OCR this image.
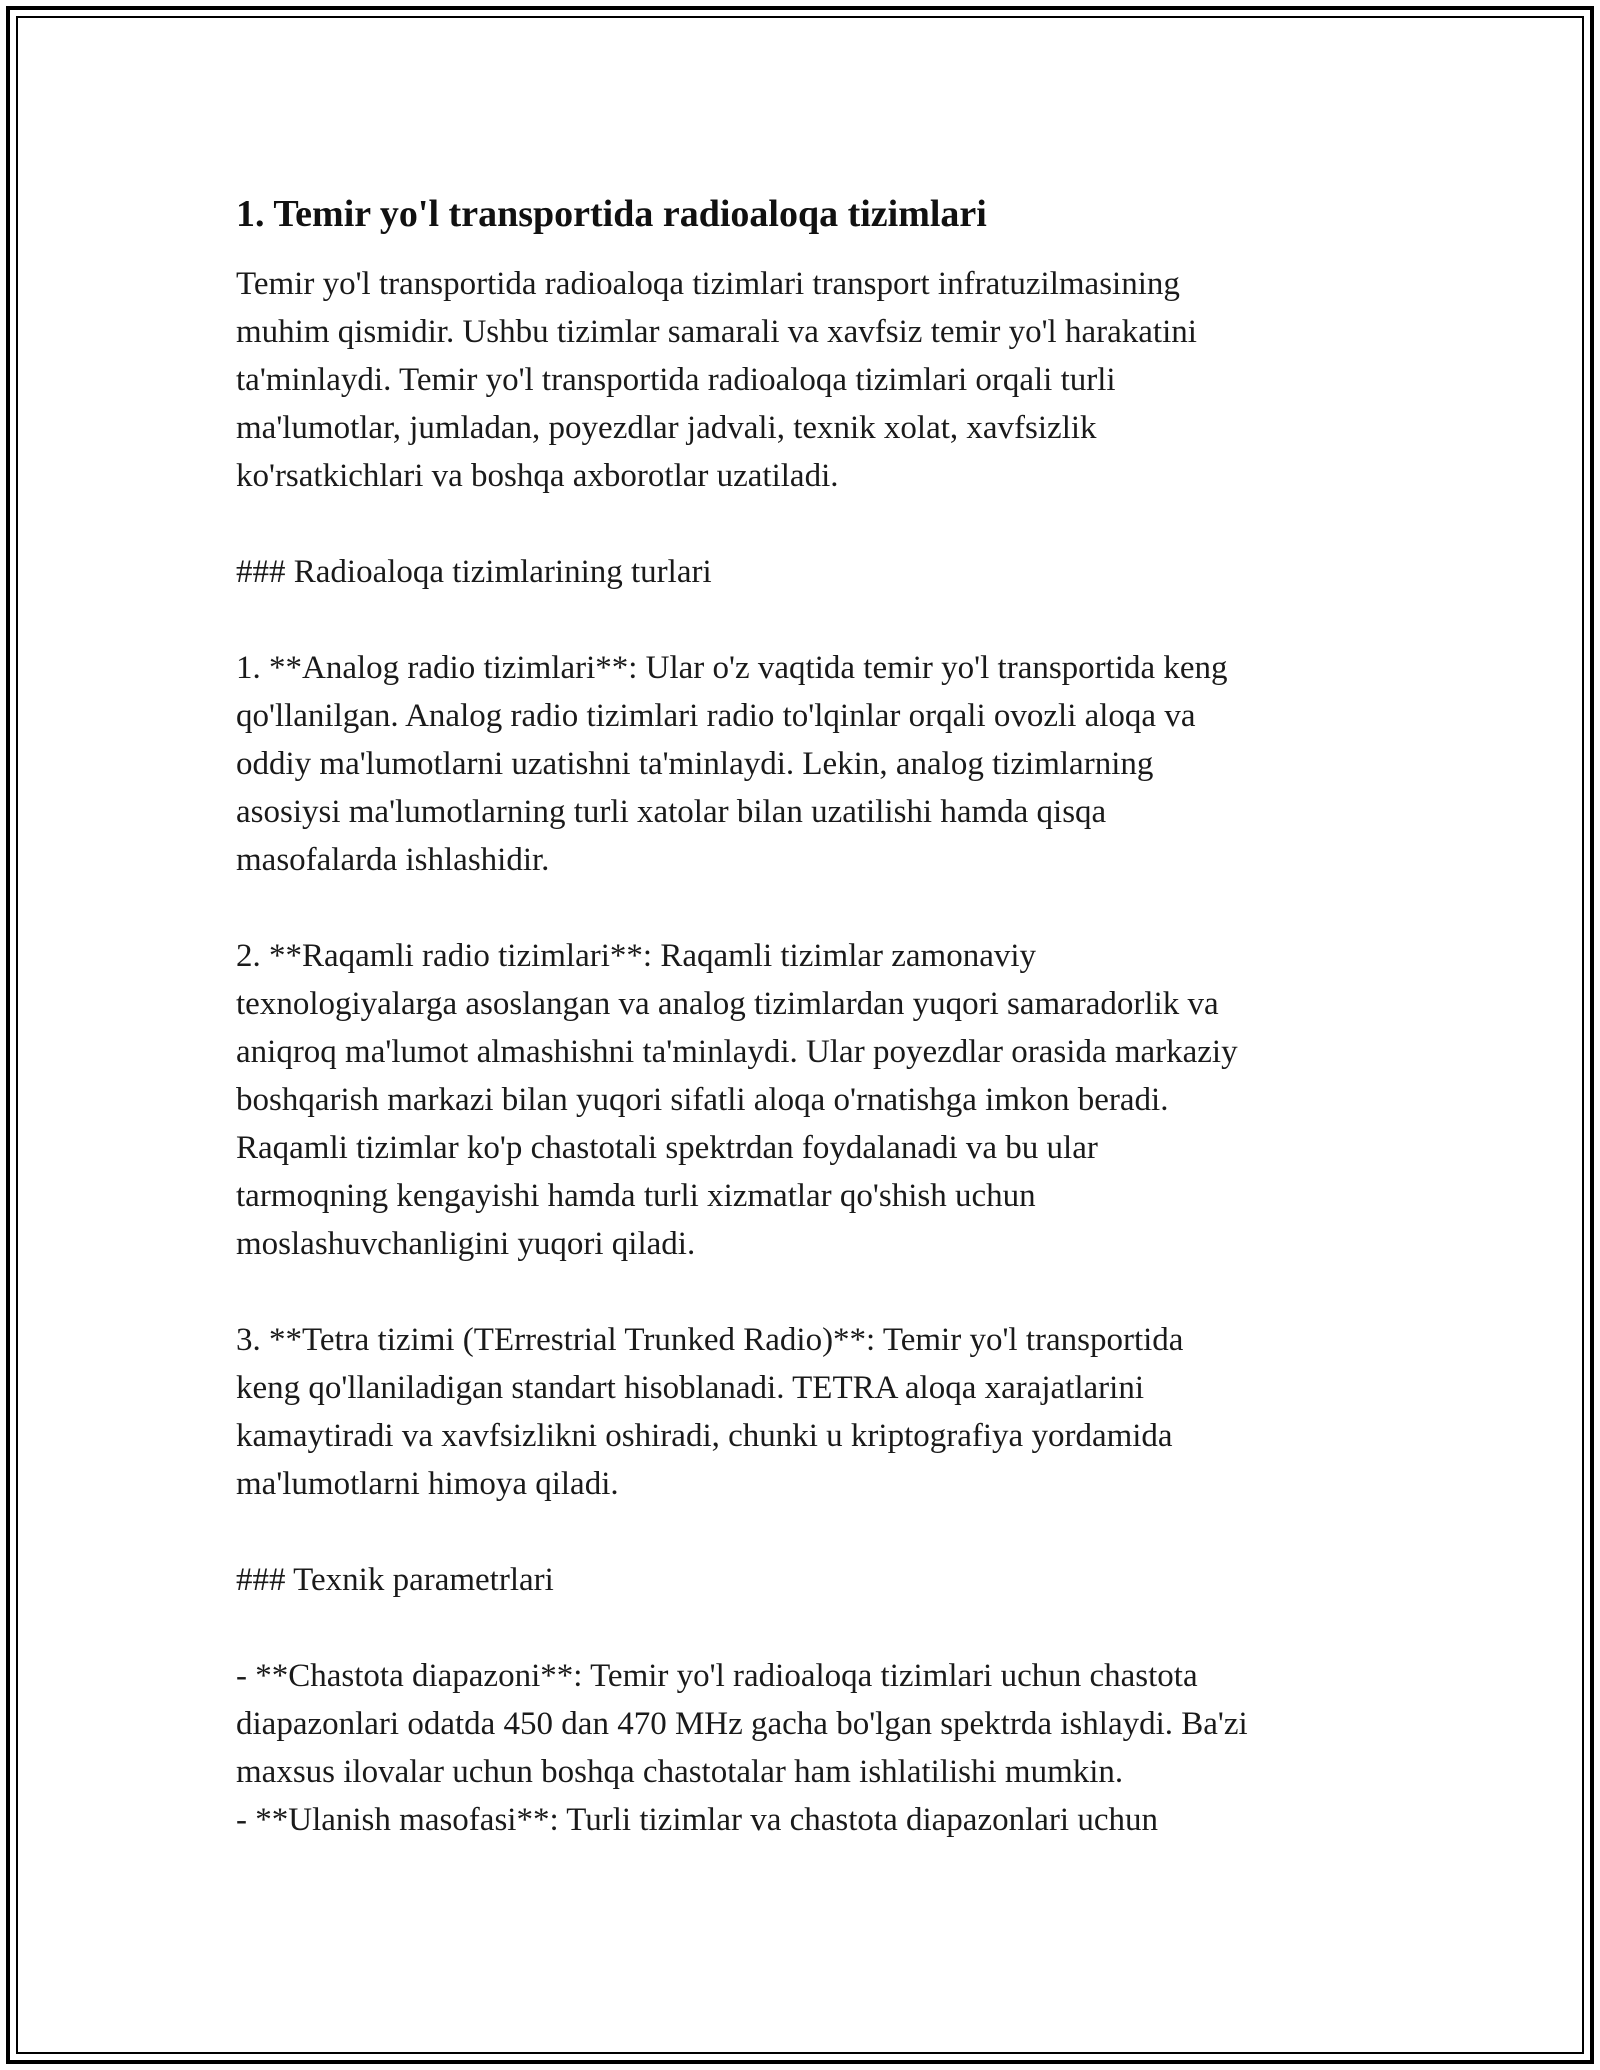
1. Temir yo'l transportida radioaloqa tizimlari

Temir yo'l transportida radioaloqa tizimlari transport infratuzilmasining
muhim qismidir. Ushbu tizimlar samarali va xavfsiz temir yo'l harakatini
ta'minlaydi. Temir yo'l transportida radioaloqa tizimlari orqali turli
ma'lumotlar, jumladan, poyezdlar jadvali, texnik xolat, xavfsizlik
ko'rsatkichlari va boshqa axborotlar uzatiladi.

### Radioaloqa tizimlarining turlari

1. **Analog radio tizimlari**: Ular o'z vaqtida temir yo'l transportida keng
qo'llanilgan. Analog radio tizimlari radio to'lqinlar orqali ovozli aloqa va
oddiy ma'lumotlarni uzatishni ta'minlaydi. Lekin, analog tizimlarning
asosiysi ma'lumotlarning turli xatolar bilan uzatilishi hamda qisqa
masofalarda ishlashidir.

2. **Raqamli radio tizimlari**: Raqamli tizimlar zamonaviy
texnologiyalarga asoslangan va analog tizimlardan yuqori samaradorlik va
aniqroq ma'lumot almashishni ta'minlaydi. Ular poyezdlar orasida markaziy
boshqarish markazi bilan yuqori sifatli aloqa o'rnatishga imkon beradi.
Raqamli tizimlar ko'p chastotali spektrdan foydalanadi va bu ular
tarmoqning kengayishi hamda turli xizmatlar qo'shish uchun
moslashuvchanligini yuqori qiladi.

3. **Tetra tizimi (TErrestrial Trunked Radio)**: Temir yo'l transportida
keng qo'llaniladigan standart hisoblanadi. TETRA aloqa xarajatlarini
kamaytiradi va xavfsizlikni oshiradi, chunki u kriptografiya yordamida
ma'lumotlarni himoya qiladi.

### Texnik parametrlari

- **Chastota diapazoni**: Temir yo'l radioaloqa tizimlari uchun chastota
diapazonlari odatda 450 dan 470 MHz gacha bo'lgan spektrda ishlaydi. Ba'zi
maxsus ilovalar uchun boshqa chastotalar ham ishlatilishi mumkin.

- **Ulanish masofasi**: Turli tizimlar va chastota diapazonlari uchun
